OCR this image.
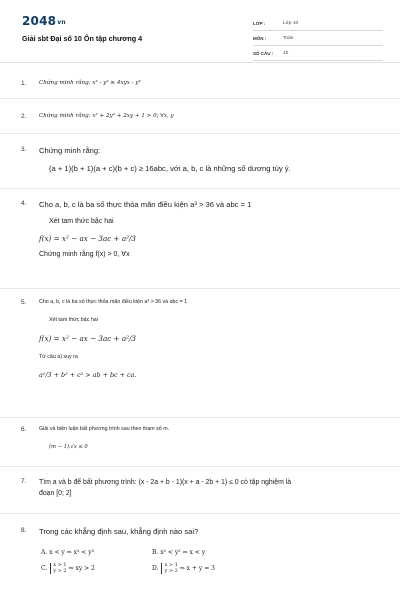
2048vn
Giải sbt Đại số 10 Ôn tập chương 4
LỚP :	Lớp 10
MÔN :	Toán
SỐ CÂU :	10
1. Chứng minh rằng: x² - y² ≥ 4xyx - y²
2. Chứng minh rằng: x² + 2y² + 2xy + 1 > 0; ∀x, y
3. Chứng minh rằng:
(a + 1)(b + 1)(a + c)(b + c) ≥ 16abc, với a, b, c là những số dương tùy ý.
4. Cho a, b, c là ba số thực thỏa mãn điều kiện a³ > 36 và abc = 1
Xét tam thức bậc hai
f(x) = x² − ax − 3ac + a²/3
Chứng minh rằng f(x) > 0, ∀x
5. Cho a, b, c là ba số thực thỏa mãn điều kiện a³ > 36 và abc = 1
Xét tam thức bậc hai
f(x) = x² − ax − 3ac + a²/3
Từ câu a) suy ra
a²/3 + b² + c² > ab + bc + ca.
6. Giải và biện luận bất phương trình sau theo tham số m.
(m − 1).√x ≤ 0
7. Tìm a và b để bất phương trình: (x - 2a + b - 1)(x + a - 2b + 1) ≤ 0 có tập nghiệm là
đoạn [0; 2]
8. Trong các khẳng định sau, khẳng định nào sai?
A. x < y ⇔ x³ < y³	B. x² < y² ⇔ x < y
C. x > 1
y > 2 ⇒ xy > 2	D. x > 1
y > 2 ⇒ x + y = 3
